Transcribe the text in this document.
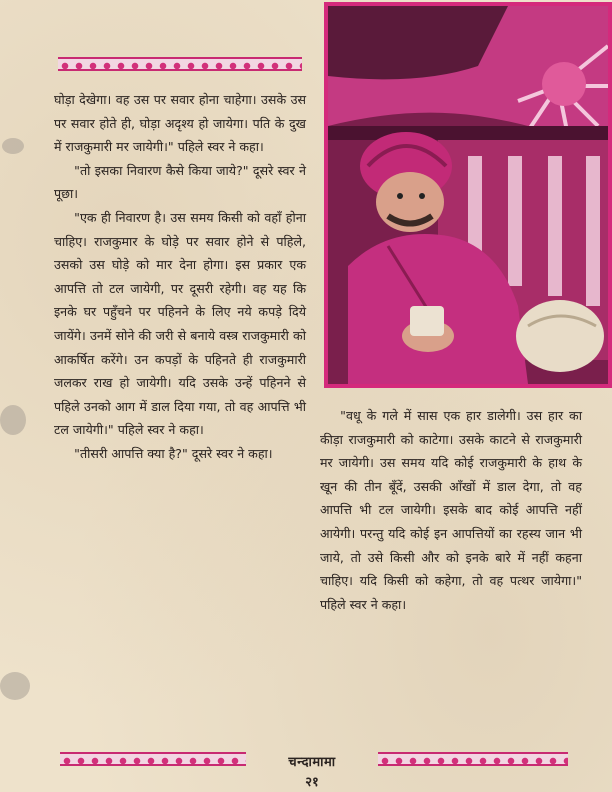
घोड़ा देखेगा। वह उस पर सवार होना चाहेगा। उसके उस पर सवार होते ही, घोड़ा अदृश्य हो जायेगा। पति के दुख में राजकुमारी मर जायेगी।" पहिले स्वर ने कहा।

"तो इसका निवारण कैसे किया जाये?" दूसरे स्वर ने पूछा।

"एक ही निवारण है। उस समय किसी को वहाँ होना चाहिए। राजकुमार के घोड़े पर सवार होने से पहिले, उसको उस घोड़े को मार देना होगा। इस प्रकार एक आपत्ति तो टल जायेगी, पर दूसरी रहेगी। वह यह कि इनके घर पहुँचने पर पहिनने के लिए नये कपड़े दिये जायेंगे। उनमें सोने की जरी से बनाये वस्त्र राजकुमारी को आकर्षित करेंगे। उन कपड़ों के पहिनते ही राजकुमारी जलकर राख हो जायेगी। यदि उसके उन्हें पहिनने से पहिले उनको आग में डाल दिया गया, तो वह आपत्ति भी टल जायेगी।" पहिले स्वर ने कहा।

"तीसरी आपत्ति क्या है?" दूसरे स्वर ने कहा।

"वधू के गले में सास एक हार डालेगी। उस हार का कीड़ा राजकुमारी को काटेगा। उसके काटने से राजकुमारी मर जायेगी। उस समय यदि कोई राजकुमारी के हाथ के खून की तीन बूँदें, उसकी आँखों में डाल देगा, तो वह आपत्ति भी टल जायेगी। इसके बाद कोई आपत्ति नहीं आयेगी। परन्तु यदि कोई इन आपत्तियों का रहस्य जान भी जाये, तो उसे किसी और को इनके बारे में नहीं कहना चाहिए। यदि किसी को कहेगा, तो वह पत्थर जायेगा।" पहिले स्वर ने कहा।

चन्दामामा
२१
